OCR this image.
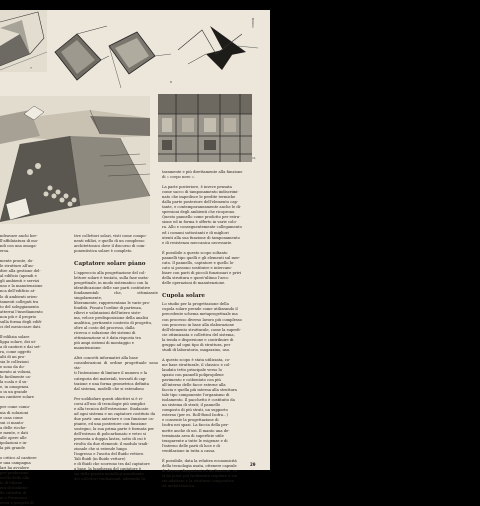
7
8
RAGGI
11

ndeavare anchi her-

ll'affidatatura di mo-

ndi con una omoga-

ersa.

mente pronte, do-

le strutture all'au-

dire alla gestione del-

al edificio (apendi e

gli ambienti e servizi

uno e la manutenzione

nca dell'edificio at-

lo di ambienti orien-

tamenti collegati tra

to del soleggiamento

atterrai l'insediamento

non più e il proprio

sulla forma degli edifi-

ci del mesicciare dati.

ll'edilizia solare

lippa solare, dei ut-

a di cantieri e dai set-

ra, come oggetti

alti di un pro-

sia le collezioni

e sono da do-

mento ai volumi,

lo facilmente ca-

la scala e il su-

e, in omogenea

o in un grande

un cantiere solare

per come comu-

nia di soluzioni

e casa come

sui ci manto-

a delle ricche-

e mente, e dati

alle opere alle

ipolazioni e in-

la più grande

o critico al cantiere

e una campagna

lari ha avvalere

per produzione

ecello della alla

lo di Milano

era di fondatio-

lla cattedra di

ni e Francesco

avori e progetti di

tive collettori solari, visti come compo-

nenti edilizi, e quello di un complesso

architettonico dove il discorso di com-

ponentistica solare è completo.

Captatore solare piano

L'approccio alla progettazione del col-

lettore solare è tentato, sulla fase meta-

progettuale, in modo sistematico con la

identificazione delle sue parti costitutive

fondamentali che, ottimizzate singolarmente,

liberamente, rappresentano le varie pro-

fondità. Fissato l'ordine di partenza,

rilievi e valutazioni dell'intero siste-

ma, veloce predisposizione della analisi

analitica, pertinente contesto di progetto,

oltre al costo del processo, dalla

ricerca e soluzione dei sistemi di

ottimizzazione si è data risposta tra

più ampi sistemi di montaggio e

manutenzione.

Altri concetti informativi alla base

considerazioni di ordine progettuale sono sta-

ti l'intenzione di limitare il numero e la

categoria dei materiali, trovarli di cap-

tazione e una forma geometrica definita

dal sistema, modelli che si estendono

Per soddisfare questi obiettivi si è ri-

corsi all'uso di tecnologie più semplici

e alla tecnica dell'estrusione. Sindacate

ad ogni sistema e un captatore costituto da

due parti: una anteriore e con funzione ca-

ptante, ed una posteriore con funzione

sostegno, la sua prima parte è formata per

dell'estruso di policarbonato e vetro si

presenta a doppia lastra, sotto di cui è

rivolto da due elementi: il modulo tradi-

zionale che si estende lungo

l'ingresso e l'uscita del fluido vettore.

Tali fluidi (in fluido vettore)

e di fluidi che scorrono tra dal captatore

a base, la lunghezza del captatore è

sia della piastra metallica assorbente

dei collettori tradizionali, aderendo lu-

taramente e più direttamente alla funzione

di « corpo nero ».

La parte posteriore, è invece pensata

come sacco di tamponamento indiscrimi-

nato che impedisce le perdite termiche

dalla parte posteriore dell'elemento cap-

tante, e contemporaneamente anche le di-

spersioni degli ambienti che ricoprono.

Questo pannello come prodotto per estru-

sione ed in forma è offerto in varie colo-

ra. Allo e conseguentemente collegamento

ed i comuni sottostanti e di migliori

utenti alla sua funzione di tamponamento

e di resistenza meccanica necessarie.

È possibile a questo scopo soltanto

pannelli tipo quelli e gli elementi sul mer-

cato. Il pannello, captatore e quello lo-

cato si possono sostituire e intercam-

biare con parti di piccoli funzionari e privi

della struttura e quest'ultimo l'arco

delle operazioni di manutenzione.

Cupola solare

Lo studio per la progettazione della

cupola solare prende come utilizzando il

precedente schema metaprogettuale ma

con processo diverso lavoro più complesso

con processo in base alla elaborazione

dell'elemento strutturale, come la superfi-

cie ottimizzata e collettiva del sistema,

la tenda e dispersione e contribuire di

gruppo ad ogni tipo di struttura, per

studi di laboratorio, magazzino, uso.

A questo scopo è stata utilizzata, co-

me base strutturale, il classico e col-

laudato tetto principale verso lo

spazio con pannelli polipropilene

pavimento e coibentato con più

all'interno delle facce esterne alla

faccia e quella più interna alla struttura

tale tipo componente l'organismo di

isolamento. Il pacchetto è costituito da

un sistema di strati; il pannello

composto di più strati, un supporto

esterno (per es. Roll-Bond Isofra...)

e consente la progettazione di

Isofra nei spazi. La faccia della per-

mette anche di usi. Il manto una de-

terminata area di superficie utile

trasparente a tutte le esigenze e di

l'interno delle parti di luce e di

ventilazione in tutta a cassa.

È possibile, data la relativa economicità

della tecnologia usata, ottenere capsule

di diverse dimensioni ed inclinazioni, co-

sì da poter più facilmente regolare e via

via adattare e la struttura compositiva

ed architettonica.

29
